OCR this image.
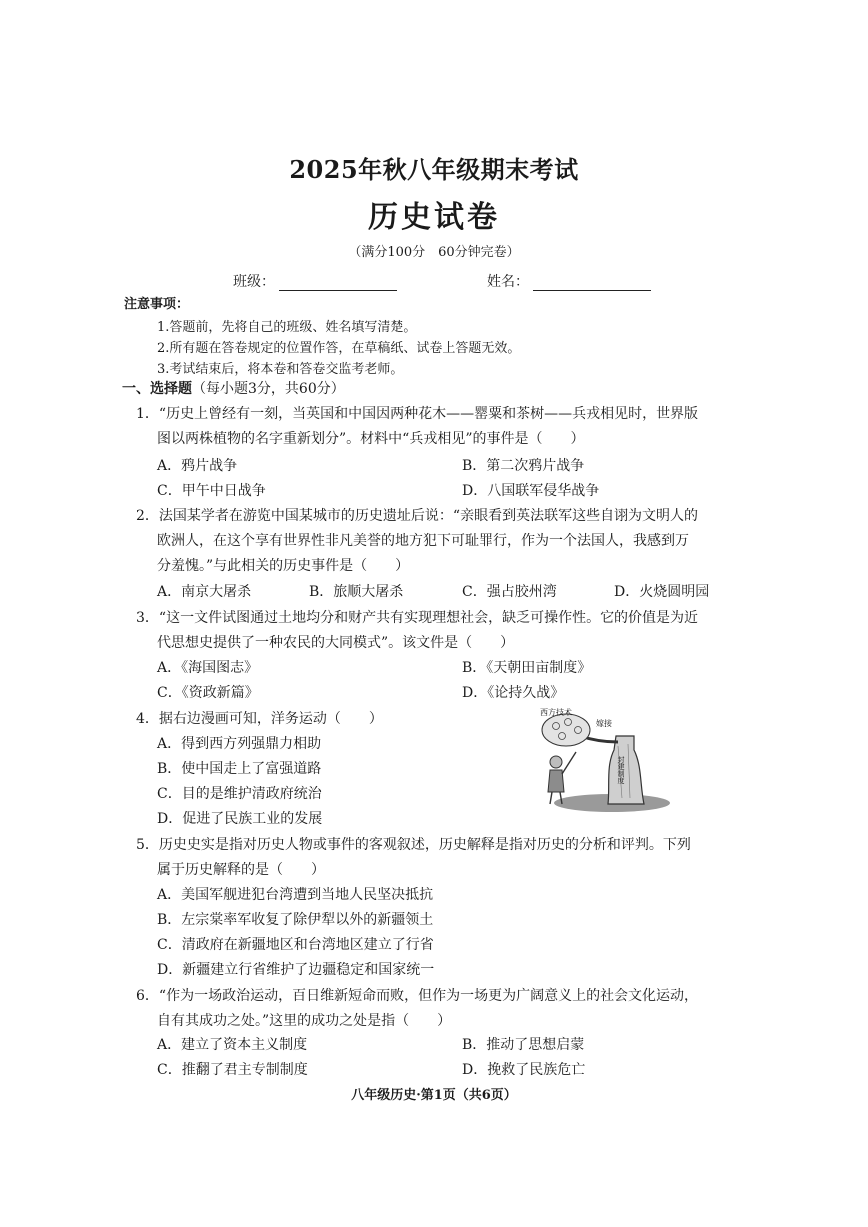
2025年秋八年级期末考试
历史试卷
（满分100分　60分钟完卷）
班级：	姓名：
注意事项：
1.答题前，先将自己的班级、姓名填写清楚。
2.所有题在答卷规定的位置作答，在草稿纸、试卷上答题无效。
3.考试结束后，将本卷和答卷交监考老师。
一、选择题（每小题3分，共60分）
1．“历史上曾经有一刻，当英国和中国因两种花木——罂粟和茶树——兵戎相见时，世界版
图以两株植物的名字重新划分”。材料中“兵戎相见”的事件是（　　）
A．鸦片战争	B．第二次鸦片战争
C．甲午中日战争	D．八国联军侵华战争
2．法国某学者在游览中国某城市的历史遗址后说：“亲眼看到英法联军这些自诩为文明人的
欧洲人，在这个享有世界性非凡美誉的地方犯下可耻罪行，作为一个法国人，我感到万
分羞愧。”与此相关的历史事件是（　　）
A．南京大屠杀	B．旅顺大屠杀	C．强占胶州湾	D．火烧圆明园
3．“这一文件试图通过土地均分和财产共有实现理想社会，缺乏可操作性。它的价值是为近
代思想史提供了一种农民的大同模式”。该文件是（　　）
A．《海国图志》	B．《天朝田亩制度》
C．《资政新篇》	D．《论持久战》
4．据右边漫画可知，洋务运动（　　）
A．得到西方列强鼎力相助
B．使中国走上了富强道路
C．目的是维护清政府统治
D．促进了民族工业的发展
西方技术
嫁接
封建制度
5．历史史实是指对历史人物或事件的客观叙述，历史解释是指对历史的分析和评判。下列
属于历史解释的是（　　）
A．美国军舰进犯台湾遭到当地人民坚决抵抗
B．左宗棠率军收复了除伊犁以外的新疆领土
C．清政府在新疆地区和台湾地区建立了行省
D．新疆建立行省维护了边疆稳定和国家统一
6．“作为一场政治运动，百日维新短命而败，但作为一场更为广阔意义上的社会文化运动，
自有其成功之处。”这里的成功之处是指（　　）
A．建立了资本主义制度	B．推动了思想启蒙
C．推翻了君主专制制度	D．挽救了民族危亡
八年级历史·第1页（共6页）
